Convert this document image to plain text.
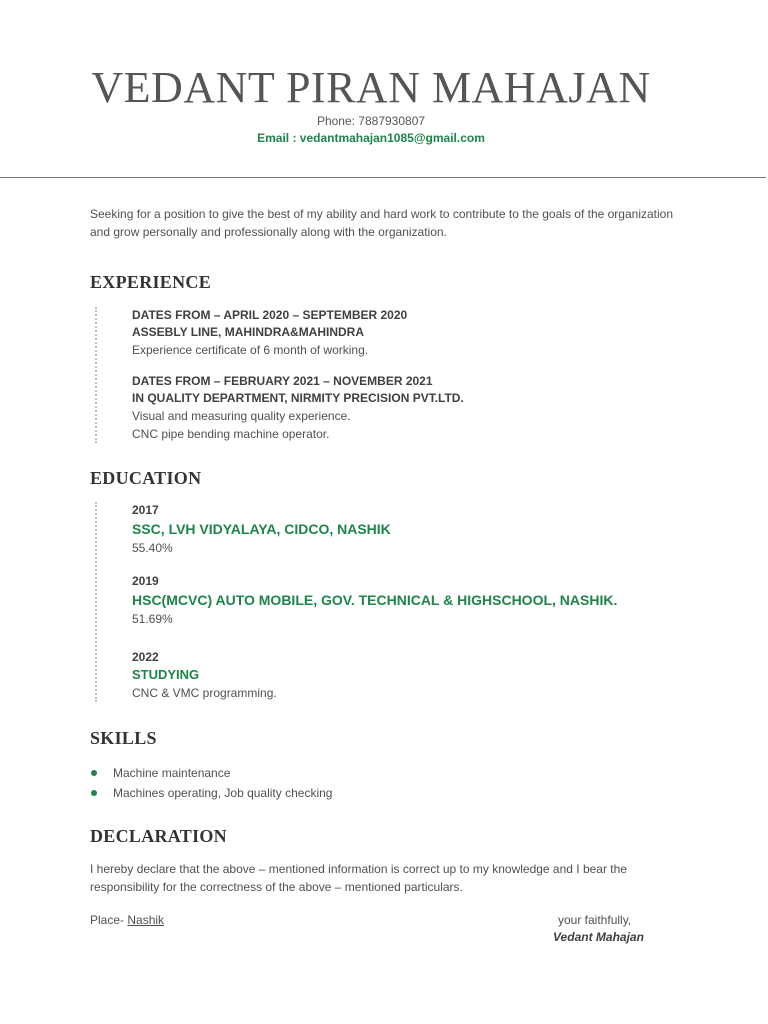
VEDANT PIRAN MAHAJAN
Phone: 7887930807
Email : vedantmahajan1085@gmail.com
Seeking for a position to give the best of my ability and hard work to contribute to the goals of the organization and grow personally and professionally along with the organization.
EXPERIENCE
DATES FROM – APRIL 2020 – SEPTEMBER 2020
ASSEBLY LINE, MAHINDRA&MAHINDRA
Experience certificate of 6 month of working.
DATES FROM – FEBRUARY 2021 – NOVEMBER 2021
IN QUALITY DEPARTMENT, NIRMITY PRECISION PVT.LTD.
Visual and measuring quality experience.
CNC pipe bending machine operator.
EDUCATION
2017
SSC, LVH VIDYALAYA, CIDCO, NASHIK
55.40%
2019
HSC(MCVC) AUTO MOBILE, GOV. TECHNICAL & HIGHSCHOOL, NASHIK.
51.69%
2022
STUDYING
CNC & VMC programming.
SKILLS
Machine maintenance
Machines operating, Job quality checking
DECLARATION
I hereby declare that the above – mentioned information is correct up to my knowledge and I bear the responsibility for the correctness of the above – mentioned particulars.
Place- Nashik	your faithfully,
Vedant Mahajan
